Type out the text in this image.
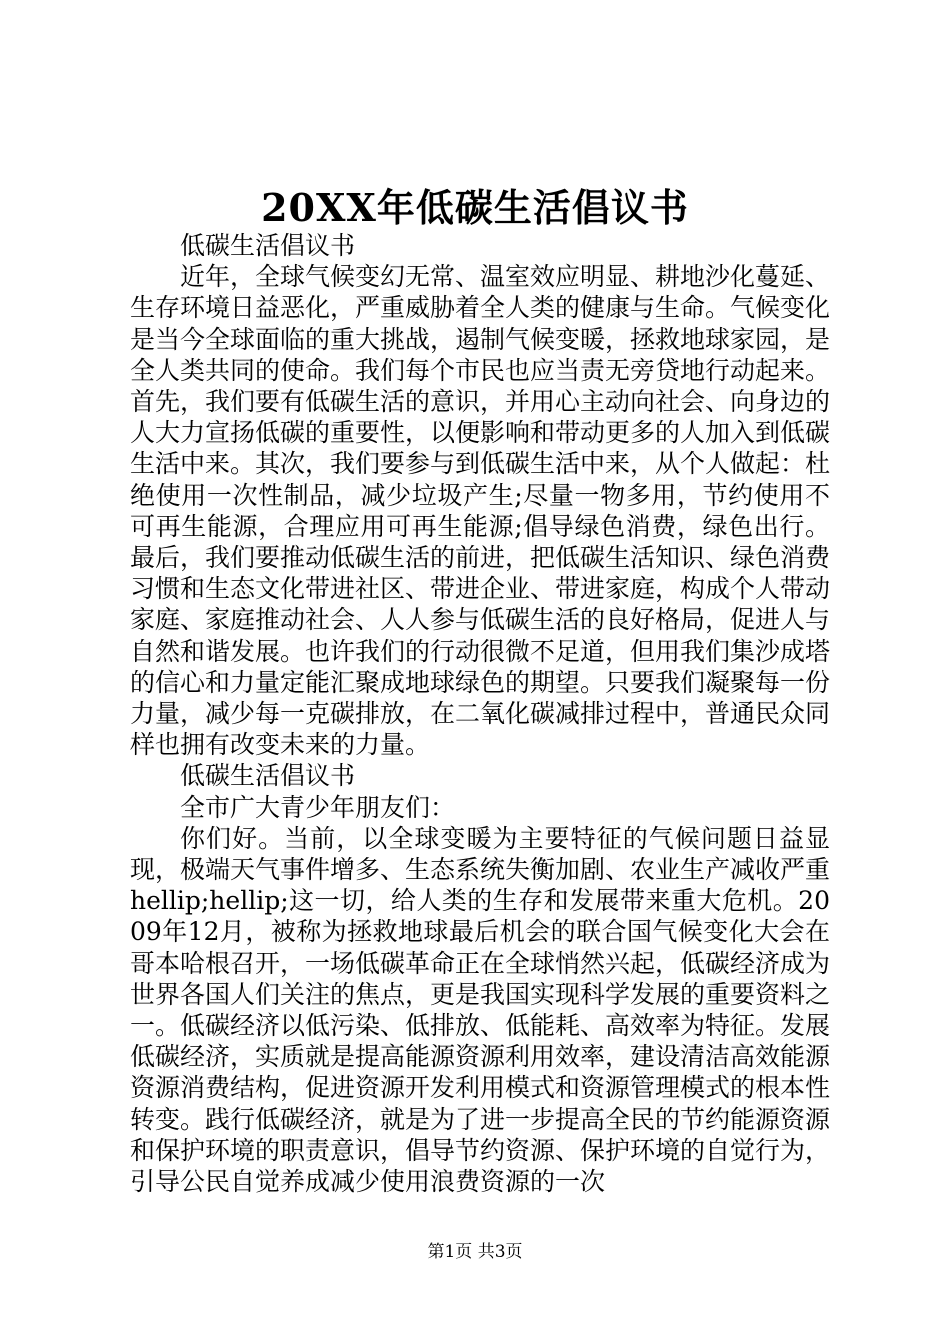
20XX年低碳生活倡议书

低碳生活倡议书

近年，全球气候变幻无常、温室效应明显、耕地沙化蔓延、生存环境日益恶化，严重威胁着全人类的健康与生命。气候变化是当今全球面临的重大挑战，遏制气候变暖，拯救地球家园，是全人类共同的使命。我们每个市民也应当责无旁贷地行动起来。首先，我们要有低碳生活的意识，并用心主动向社会、向身边的人大力宣扬低碳的重要性，以便影响和带动更多的人加入到低碳生活中来。其次，我们要参与到低碳生活中来，从个人做起：杜绝使用一次性制品，减少垃圾产生;尽量一物多用，节约使用不可再生能源，合理应用可再生能源;倡导绿色消费，绿色出行。最后，我们要推动低碳生活的前进，把低碳生活知识、绿色消费习惯和生态文化带进社区、带进企业、带进家庭，构成个人带动家庭、家庭推动社会、人人参与低碳生活的良好格局，促进人与自然和谐发展。也许我们的行动很微不足道，但用我们集沙成塔的信心和力量定能汇聚成地球绿色的期望。只要我们凝聚每一份力量，减少每一克碳排放，在二氧化碳减排过程中，普通民众同样也拥有改变未来的力量。

低碳生活倡议书

全市广大青少年朋友们：

你们好。当前，以全球变暖为主要特征的气候问题日益显现，极端天气事件增多、生态系统失衡加剧、农业生产减收严重hellip;hellip;这一切，给人类的生存和发展带来重大危机。2009年12月，被称为拯救地球最后机会的联合国气候变化大会在哥本哈根召开，一场低碳革命正在全球悄然兴起，低碳经济成为世界各国人们关注的焦点，更是我国实现科学发展的重要资料之一。低碳经济以低污染、低排放、低能耗、高效率为特征。发展低碳经济，实质就是提高能源资源利用效率，建设清洁高效能源资源消费结构，促进资源开发利用模式和资源管理模式的根本性转变。践行低碳经济，就是为了进一步提高全民的节约能源资源和保护环境的职责意识，倡导节约资源、保护环境的自觉行为，引导公民自觉养成减少使用浪费资源的一次

第1页 共3页
